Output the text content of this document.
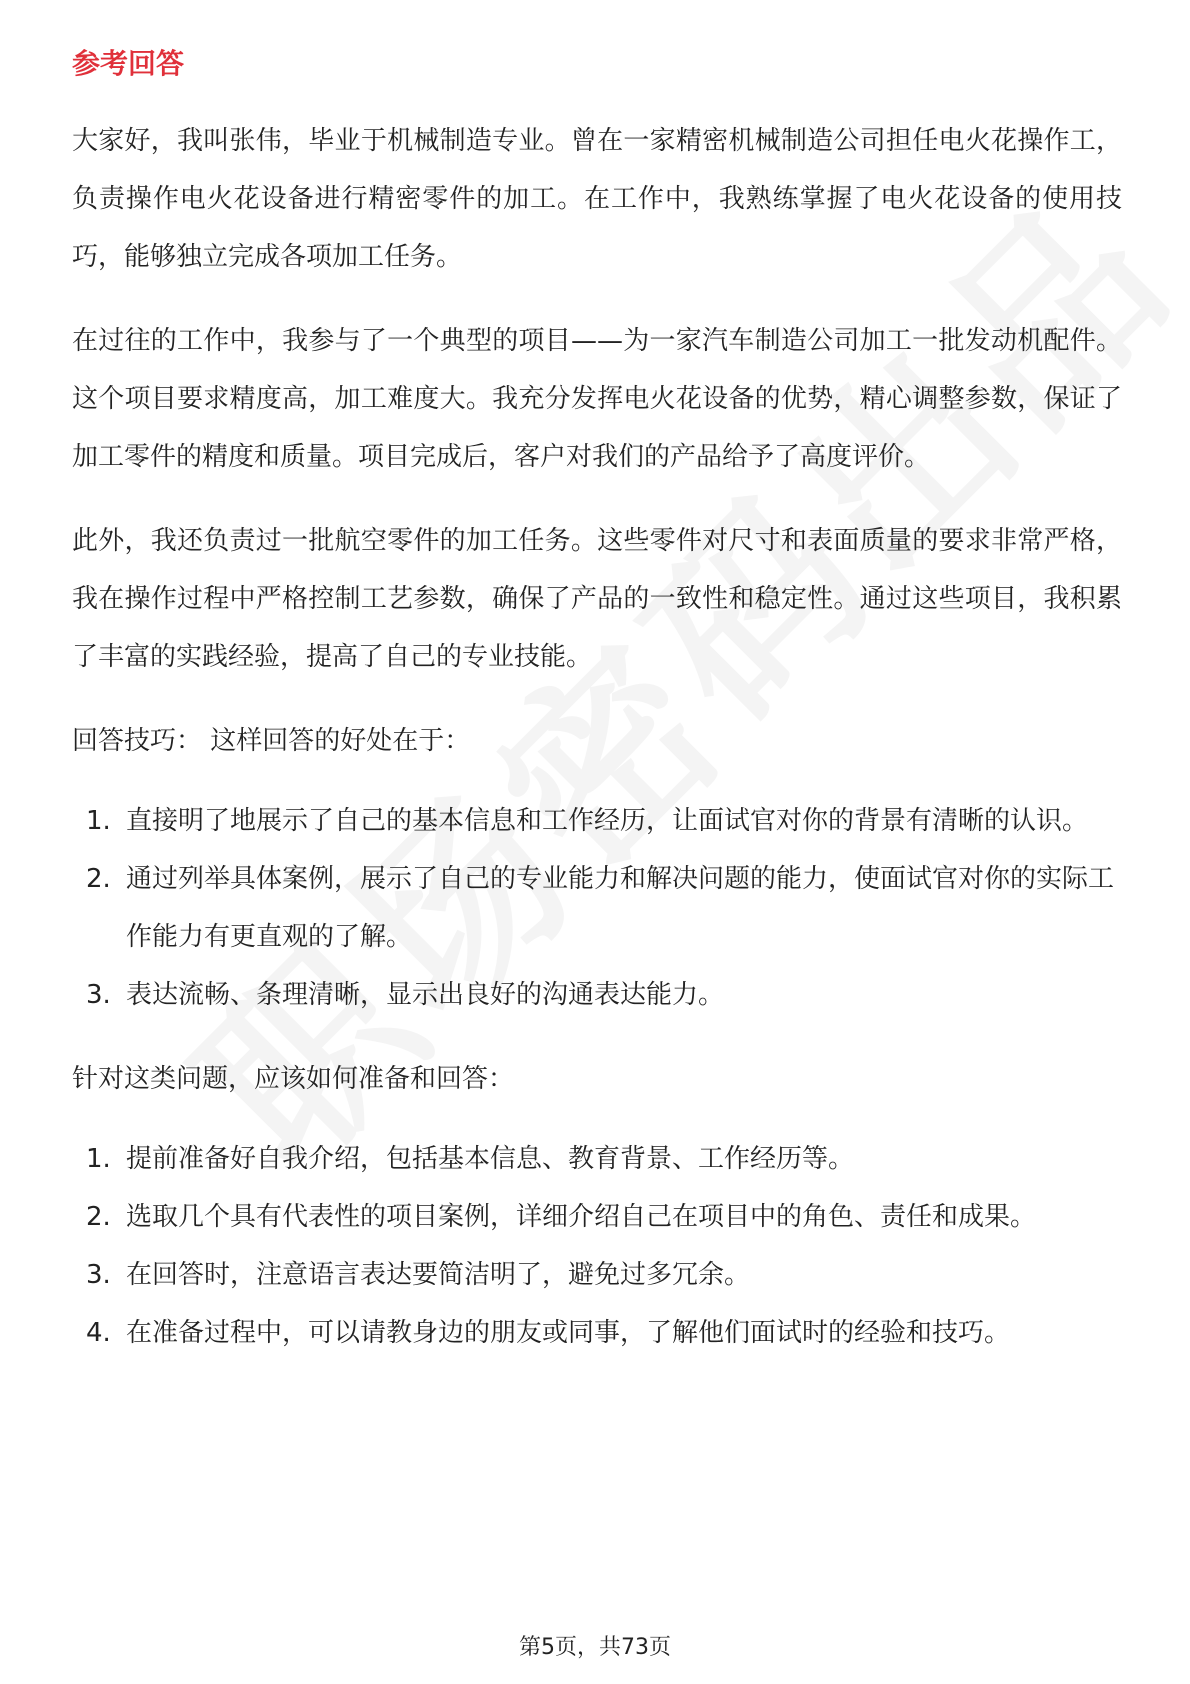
参考回答

大家好，我叫张伟，毕业于机械制造专业。曾在一家精密机械制造公司担任电火花操作工，负责操作电火花设备进行精密零件的加工。在工作中，我熟练掌握了电火花设备的使用技巧，能够独立完成各项加工任务。

在过往的工作中，我参与了一个典型的项目——为一家汽车制造公司加工一批发动机配件。这个项目要求精度高，加工难度大。我充分发挥电火花设备的优势，精心调整参数，保证了加工零件的精度和质量。项目完成后，客户对我们的产品给予了高度评价。

此外，我还负责过一批航空零件的加工任务。这些零件对尺寸和表面质量的要求非常严格，我在操作过程中严格控制工艺参数，确保了产品的一致性和稳定性。通过这些项目，我积累了丰富的实践经验，提高了自己的专业技能。

回答技巧： 这样回答的好处在于：
1. 直接明了地展示了自己的基本信息和工作经历，让面试官对你的背景有清晰的认识。
2. 通过列举具体案例，展示了自己的专业能力和解决问题的能力，使面试官对你的实际工作能力有更直观的了解。
3. 表达流畅、条理清晰，显示出良好的沟通表达能力。
针对这类问题，应该如何准备和回答：
1. 提前准备好自我介绍，包括基本信息、教育背景、工作经历等。
2. 选取几个具有代表性的项目案例，详细介绍自己在项目中的角色、责任和成果。
3. 在回答时，注意语言表达要简洁明了，避免过多冗余。
4. 在准备过程中，可以请教身边的朋友或同事，了解他们面试时的经验和技巧。
第5页，共73页
